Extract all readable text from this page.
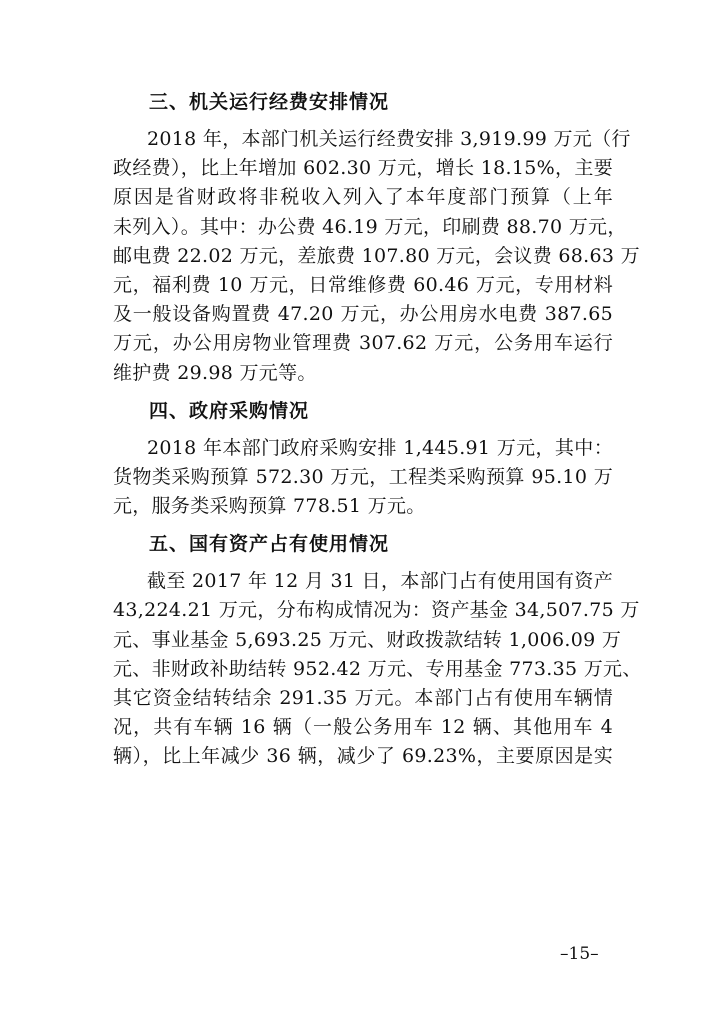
三、机关运行经费安排情况
2018 年，本部门机关运行经费安排 3,919.99 万元（行
政经费），比上年增加 602.30 万元，增长 18.15%，主要
原因是省财政将非税收入列入了本年度部门预算（上年
未列入）。其中：办公费 46.19 万元，印刷费 88.70 万元，
邮电费 22.02 万元，差旅费 107.80 万元，会议费 68.63 万
元，福利费 10 万元，日常维修费 60.46 万元，专用材料
及一般设备购置费 47.20 万元，办公用房水电费 387.65
万元，办公用房物业管理费 307.62 万元，公务用车运行
维护费 29.98 万元等。
四、政府采购情况
2018 年本部门政府采购安排 1,445.91 万元，其中：
货物类采购预算 572.30 万元，工程类采购预算 95.10 万
元，服务类采购预算 778.51 万元。
五、国有资产占有使用情况
截至 2017 年 12 月 31 日，本部门占有使用国有资产
43,224.21 万元，分布构成情况为：资产基金 34,507.75 万
元、事业基金 5,693.25 万元、财政拨款结转 1,006.09 万
元、非财政补助结转 952.42 万元、专用基金 773.35 万元、
其它资金结转结余 291.35 万元。本部门占有使用车辆情
况，共有车辆 16 辆（一般公务用车 12 辆、其他用车 4
辆），比上年减少 36 辆，减少了 69.23%，主要原因是实
–15–
